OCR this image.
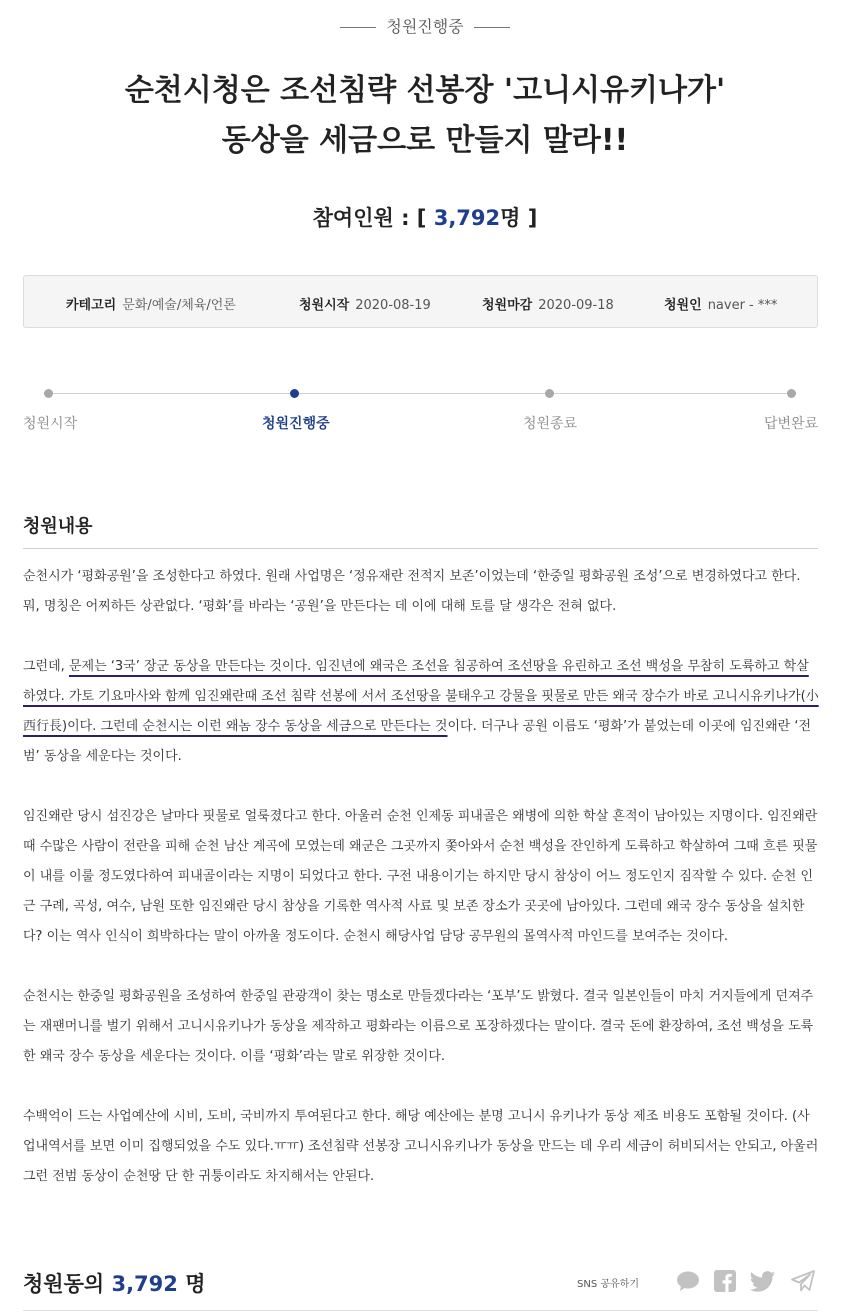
청원진행중
순천시청은 조선침략 선봉장 '고니시유키나가'
동상을 세금으로 만들지 말라!!
참여인원 : [ 3,792명 ]
카테고리 문화/예술/체육/언론	청원시작 2020-08-19	청원마감 2020-09-18	청원인 naver - ***
청원시작	청원진행중	청원종료	답변완료
청원내용

순천시가 ‘평화공원’을 조성한다고 하였다. 원래 사업명은 ‘정유재란 전적지 보존’이었는데 ‘한중일 평화공원 조성’으로 변경하였다고 한다. 뭐, 명칭은 어찌하든 상관없다. ‘평화’를 바라는 ‘공원’을 만든다는 데 이에 대해 토를 달 생각은 전혀 없다.

그런데, 문제는 ‘3국’ 장군 동상을 만든다는 것이다. 임진년에 왜국은 조선을 침공하여 조선땅을 유린하고 조선 백성을 무참히 도륙하고 학살하였다. 가토 기요마사와 함께 임진왜란때 조선 침략 선봉에 서서 조선땅을 불태우고 강물을 핏물로 만든 왜국 장수가 바로 고니시유키나가(小西行長)이다. 그런데 순천시는 이런 왜놈 장수 동상을 세금으로 만든다는 것이다. 더구나 공원 이름도 ‘평화’가 붙었는데 이곳에 임진왜란 ‘전범’ 동상을 세운다는 것이다.

임진왜란 당시 섬진강은 날마다 핏물로 얼룩졌다고 한다. 아울러 순천 인제동 피내골은 왜병에 의한 학살 흔적이 남아있는 지명이다. 임진왜란 때 수많은 사람이 전란을 피해 순천 남산 계곡에 모였는데 왜군은 그곳까지 쫓아와서 순천 백성을 잔인하게 도륙하고 학살하여 그때 흐른 핏물이 내를 이룰 정도였다하여 피내골이라는 지명이 되었다고 한다. 구전 내용이기는 하지만 당시 참상이 어느 정도인지 짐작할 수 있다. 순천 인근 구례, 곡성, 여수, 남원 또한 임진왜란 당시 참상을 기록한 역사적 사료 및 보존 장소가 곳곳에 남아있다. 그런데 왜국 장수 동상을 설치한다? 이는 역사 인식이 희박하다는 말이 아까울 정도이다. 순천시 해당사업 담당 공무원의 몰역사적 마인드를 보여주는 것이다.

순천시는 한중일 평화공원을 조성하여 한중일 관광객이 찾는 명소로 만들겠다라는 ‘포부’도 밝혔다. 결국 일본인들이 마치 거지들에게 던져주는 재팬머니를 벌기 위해서 고니시유키나가 동상을 제작하고 평화라는 이름으로 포장하겠다는 말이다. 결국 돈에 환장하여, 조선 백성을 도륙한 왜국 장수 동상을 세운다는 것이다. 이를 ‘평화’라는 말로 위장한 것이다.

수백억이 드는 사업예산에 시비, 도비, 국비까지 투여된다고 한다. 해당 예산에는 분명 고니시 유키나가 동상 제조 비용도 포함될 것이다. (사업내역서를 보면 이미 집행되었을 수도 있다.ㅠㅠ) 조선침략 선봉장 고니시유키나가 동상을 만드는 데 우리 세금이 허비되서는 안되고, 아울러 그런 전범 동상이 순천땅 단 한 귀퉁이라도 차지해서는 안된다.

청원동의 3,792 명	SNS 공유하기
